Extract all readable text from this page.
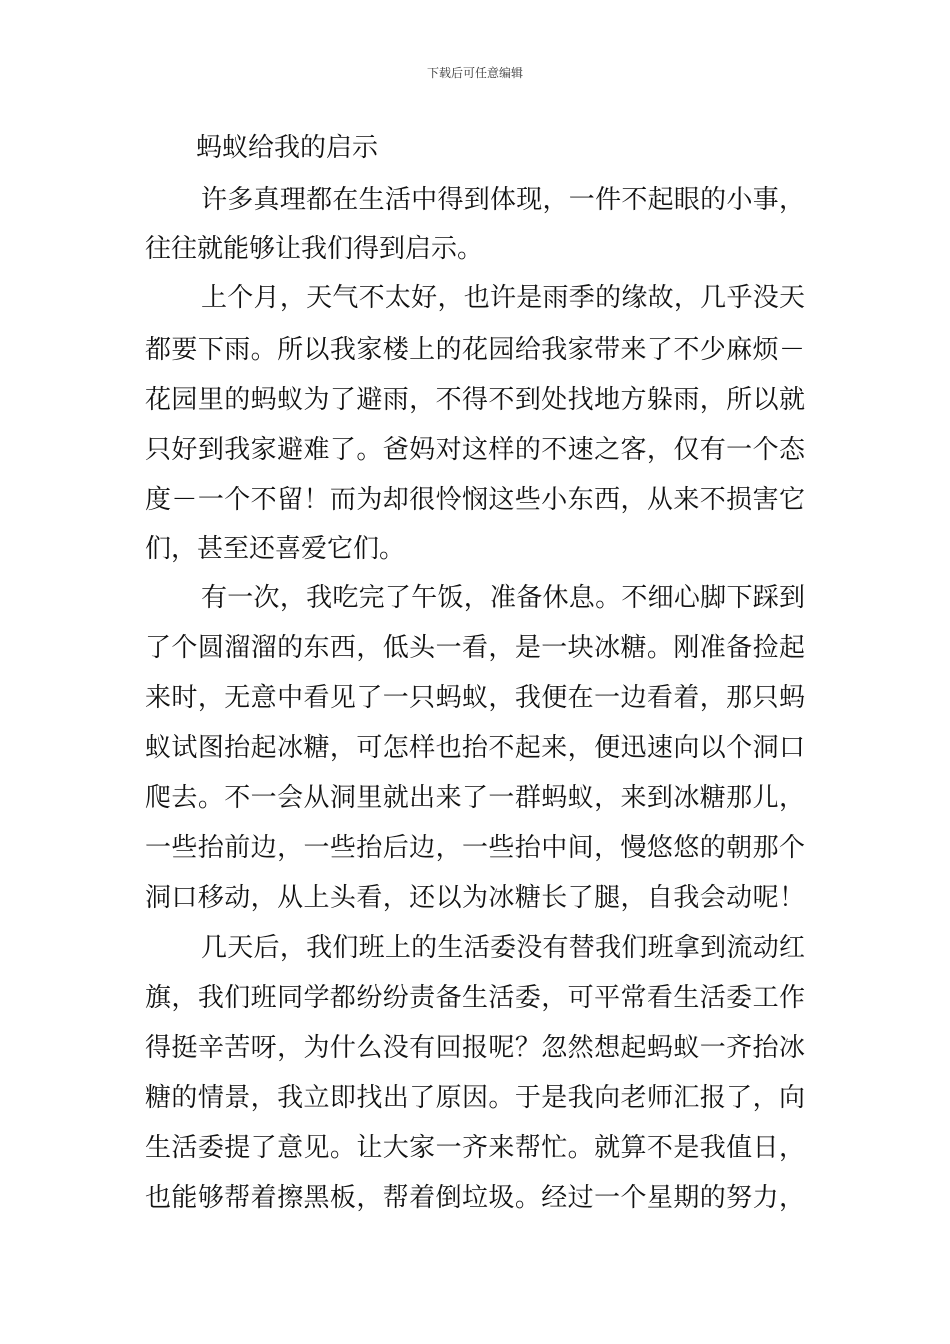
下载后可任意编辑
蚂蚁给我的启示
许多真理都在生活中得到体现，一件不起眼的小事，
往往就能够让我们得到启示。
上个月，天气不太好，也许是雨季的缘故，几乎没天
都要下雨。所以我家楼上的花园给我家带来了不少麻烦－
花园里的蚂蚁为了避雨，不得不到处找地方躲雨，所以就
只好到我家避难了。爸妈对这样的不速之客，仅有一个态
度－一个不留！而为却很怜悯这些小东西，从来不损害它
们，甚至还喜爱它们。
有一次，我吃完了午饭，准备休息。不细心脚下踩到
了个圆溜溜的东西，低头一看，是一块冰糖。刚准备捡起
来时，无意中看见了一只蚂蚁，我便在一边看着，那只蚂
蚁试图抬起冰糖，可怎样也抬不起来，便迅速向以个洞口
爬去。不一会从洞里就出来了一群蚂蚁，来到冰糖那儿，
一些抬前边，一些抬后边，一些抬中间，慢悠悠的朝那个
洞口移动，从上头看，还以为冰糖长了腿，自我会动呢！
几天后，我们班上的生活委没有替我们班拿到流动红
旗，我们班同学都纷纷责备生活委，可平常看生活委工作
得挺辛苦呀，为什么没有回报呢？忽然想起蚂蚁一齐抬冰
糖的情景，我立即找出了原因。于是我向老师汇报了，向
生活委提了意见。让大家一齐来帮忙。就算不是我值日，
也能够帮着擦黑板，帮着倒垃圾。经过一个星期的努力，
